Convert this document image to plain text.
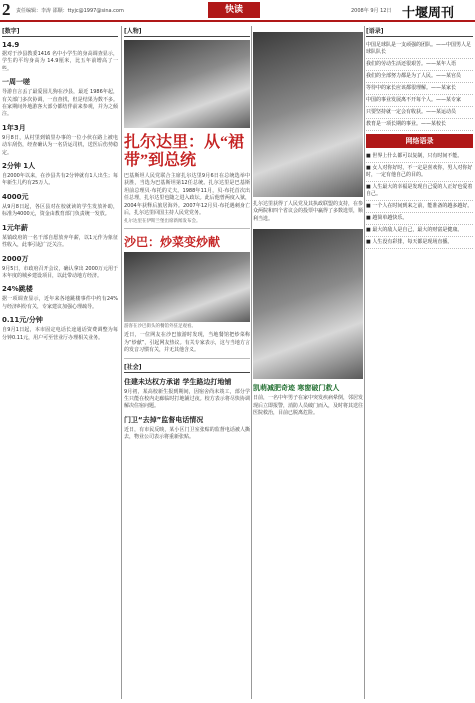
2 责任编辑：李涛 邵顺：ttyjc@1997@sina.com	快读	2008年 9月 12日 十堰周刊
[数字]
14.9
据对于沙县教委1416 名中小学生的身高调查显示，学生的平均身高为 14.9厘米，比五年前增高了一些。
一周一嗟
导游自言丢了最爱园儿狗在沙县，最近 1986年起，有关部门多次协调，一直查找，但是结果为数不多。在家期间外地游客大部分都结伴前来参观，并为之倾注。
1年3月
9月8日，从村里到镇里办事的一位小伙在路上被电动车刮伤，经查确认为一名货运司机，送医后伤势稳定。
2分钟 1人
自2000年以来，在沙县共有2分钟就有1人出生；每年新生儿约有25万人。
4000元
从9月8日起，各区县对在校就读的学生发放补助，标准为4000元，资金由教育部门负责统一发放。
1元年薪
某镇政府的一名干部自愿放弃年薪，以1元作为象征性收入，此事引起广泛关注。
2000万
9月5日，市政府召开会议，确认拿出 2000万元用于本年度的城乡建设项目，以此带动地方经济。
24%跳楼
据一项调查显示，近年来各地跳楼事件中约有24%与经济纠纷有关，专家建议加强心理疏导。
0.11元/分钟
自9月1日起，本市固定电话长途通话资费调整为每分钟0.11元，用户可至营业厅办理相关业务。
[人物]
扎尔达里：从“裙带”到总统
巴基斯坦人民党联合主席扎尔达里9月6日在总统选举中获胜，当选为巴基斯坦第12任总统。扎尔达里是巴基斯坦前总理贝·布托的丈夫。1988年11月，贝·布托首次出任总理，扎尔达里也随之进入政坛。此后他曾两度入狱，2004年获释后旅居海外。2007年12月贝·布托遇刺身亡后，扎尔达里回国主持人民党党务。
扎尔达里在伊斯兰堡出席新闻发布会。
沙巴：炒菜变炒献
游客在沙巴街头的餐馆外驻足观看。
近日，一位网友在沙巴旅游时发现，当地餐馆把炒菜称为“炒献”，引起网友热议。有关专家表示，这与当地方言的发音习惯有关，并无其他含义。
[社会]
住建未达权方承诺 学生路边打地铺
9月初，某高校新生报到期间，因宿舍尚未竣工，部分学生只能在校内走廊临时打地铺过夜。校方表示将尽快协调解决住宿问题。
门卫“去掉”监督电话情况
近日，有市民反映，某小区门卫室张贴的监督电话被人撕去，物业公司表示将重新张贴。
扎尔达里获得了人民党及其执政联盟的支持，在参众两院和四个省议会的投票中赢得了多数选票，顺利当选。
凯萌减肥奇迹 寒窗破门救人
日前，一名中年男子在家中突发疾病晕倒，邻居发现后立即报警，消防人员破门而入，及时将其送往医院救治，目前已脱离危险。
[语录]
中国足球队是一支顽强的团队。——中国男人足球队队长
我们的劳动生活还很艰苦。——某年人语
我们的全部努力都是为了人民。——某官员
等待中的家长应该都很理解。——某家长
中国的事业发展离不开每个人。——某专家
只要坚持就一定会有收获。——某运动员
教育是一项长期的事业。——某校长
网络语录
■ 世界上什么都可以复制，只有时间不能。
■ 女人对你好时，不一定是喜欢你，男人对你好时，一定有他自己的目的。
■ 人生最大的幸福是发现自己爱的人正好也爱着自己。
■ 一个人在时间到来之前，能准备的越多越好。
■ 越简单越快乐。
■ 最大的敌人是自己，最大的财富是健康。
■ 人生没有彩排，每天都是现场直播。
